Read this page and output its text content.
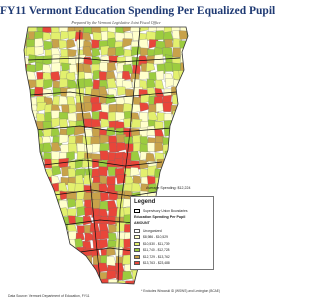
FY11 Vermont Education Spending Per Equalized Pupil
Prepared by the Vermont Legislative Joint Fiscal Office
Average Spending: $12,224
Legend
Supervisory Union Boundaries
Education Spending Per Pupil
AMOUNT
Unorganized
$8,986 - $10,529
$10,530 - $11,739
$11,740 - $12,728
$12,729 - $13,762
$13,763 - $23,488
* Excludes Winooski ID (WSWS) and Lexington (BCAE)
Data Source: Vermont Department of Education, FY11
